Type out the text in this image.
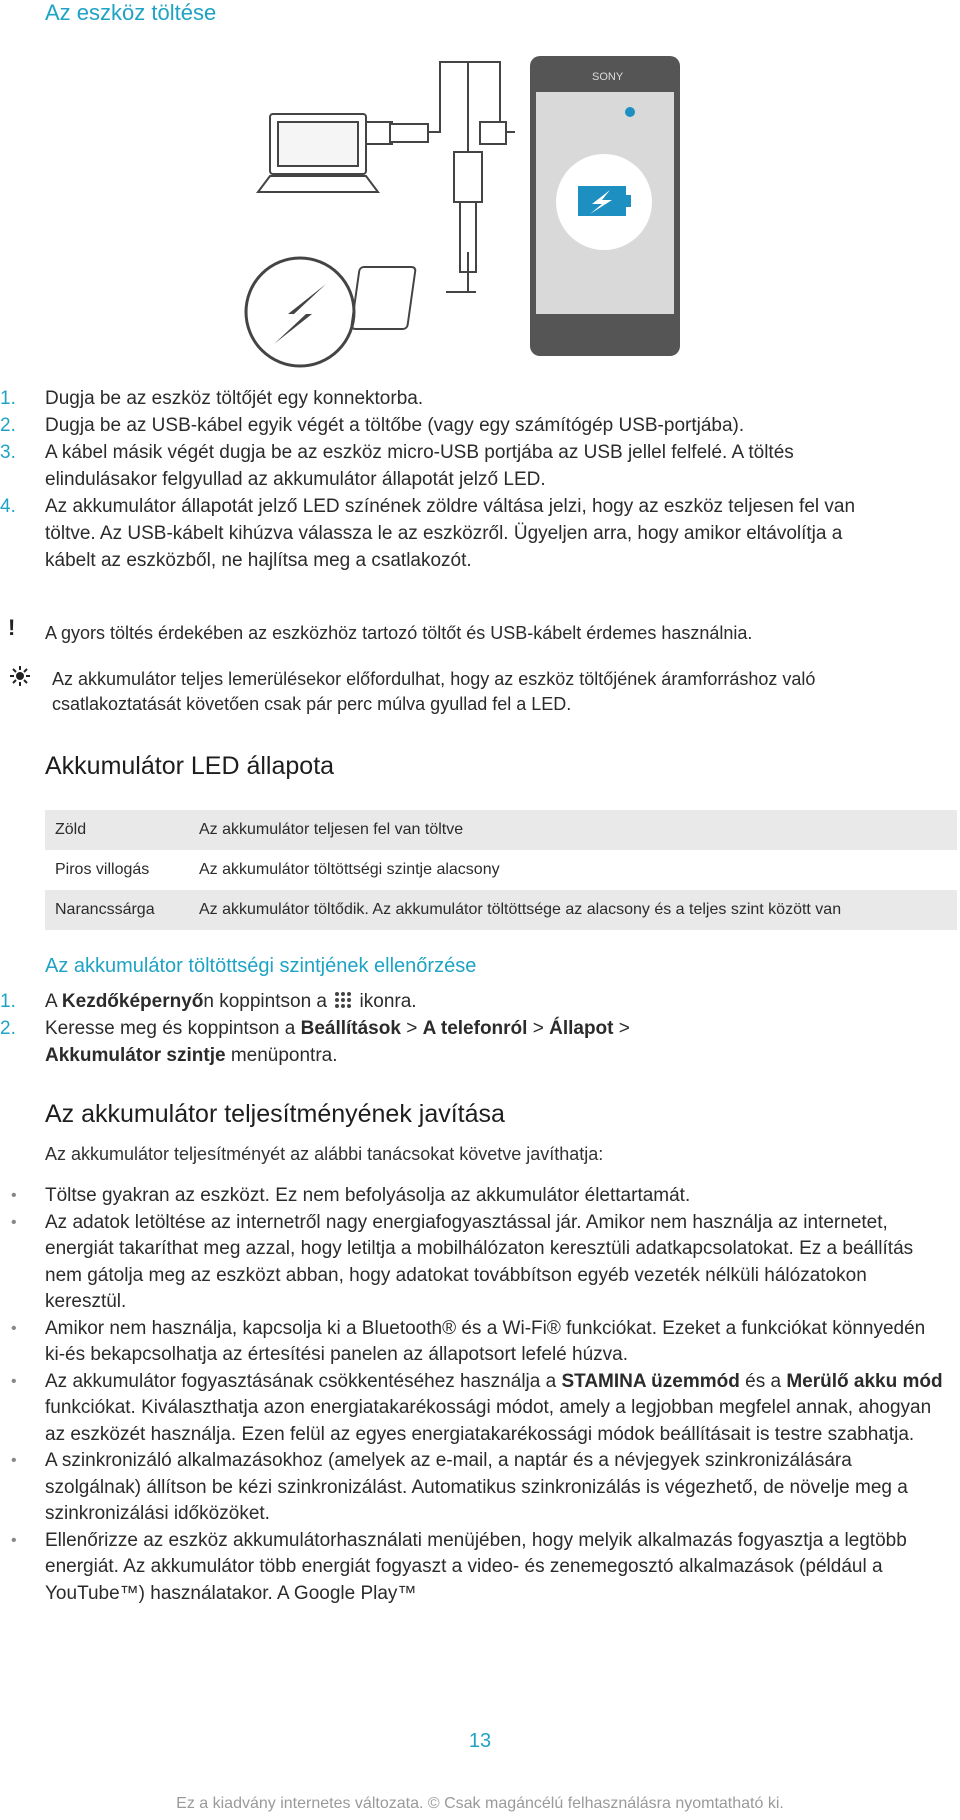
Az eszköz töltése
SONY
1. Dugja be az eszköz töltőjét egy konnektorba.
2. Dugja be az USB-kábel egyik végét a töltőbe (vagy egy számítógép USB-portjába).
3. A kábel másik végét dugja be az eszköz micro-USB portjába az USB jellel felfelé. A töltés elindulásakor felgyullad az akkumulátor állapotát jelző LED.
4. Az akkumulátor állapotát jelző LED színének zöldre váltása jelzi, hogy az eszköz teljesen fel van töltve. Az USB-kábelt kihúzva válassza le az eszközről. Ügyeljen arra, hogy amikor eltávolítja a kábelt az eszközből, ne hajlítsa meg a csatlakozót.
! A gyors töltés érdekében az eszközhöz tartozó töltőt és USB-kábelt érdemes használnia.
Az akkumulátor teljes lemerülésekor előfordulhat, hogy az eszköz töltőjének áramforráshoz való csatlakoztatását követően csak pár perc múlva gyullad fel a LED.
Akkumulátor LED állapota
Zöld	Az akkumulátor teljesen fel van töltve
Piros villogás	Az akkumulátor töltöttségi szintje alacsony
Narancssárga	Az akkumulátor töltődik. Az akkumulátor töltöttsége az alacsony és a teljes szint között van
Az akkumulátor töltöttségi szintjének ellenőrzése
1. A Kezdőképernyőn koppintson a  ikonra.
2. Keresse meg és koppintson a Beállítások > A telefonról > Állapot >
Akkumulátor szintje menüpontra.
Az akkumulátor teljesítményének javítása
Az akkumulátor teljesítményét az alábbi tanácsokat követve javíthatja:
• Töltse gyakran az eszközt. Ez nem befolyásolja az akkumulátor élettartamát.
• Az adatok letöltése az internetről nagy energiafogyasztással jár. Amikor nem használja az internetet, energiát takaríthat meg azzal, hogy letiltja a mobilhálózaton keresztüli adatkapcsolatokat. Ez a beállítás nem gátolja meg az eszközt abban, hogy adatokat továbbítson egyéb vezeték nélküli hálózatokon keresztül.
• Amikor nem használja, kapcsolja ki a Bluetooth® és a Wi-Fi® funkciókat. Ezeket a funkciókat könnyedén ki-és bekapcsolhatja az értesítési panelen az állapotsort lefelé húzva.
• Az akkumulátor fogyasztásának csökkentéséhez használja a STAMINA üzemmód és a Merülő akku mód funkciókat. Kiválaszthatja azon energiatakarékossági módot, amely a legjobban megfelel annak, ahogyan az eszközét használja. Ezen felül az egyes energiatakarékossági módok beállításait is testre szabhatja.
• A szinkronizáló alkalmazásokhoz (amelyek az e-mail, a naptár és a névjegyek szinkronizálására szolgálnak) állítson be kézi szinkronizálást. Automatikus szinkronizálás is végezhető, de növelje meg a szinkronizálási időközöket.
• Ellenőrizze az eszköz akkumulátorhasználati menüjében, hogy melyik alkalmazás fogyasztja a legtöbb energiát. Az akkumulátor több energiát fogyaszt a video- és zenemegosztó alkalmazások (például a YouTube™) használatakor. A Google Play™
13
Ez a kiadvány internetes változata. © Csak magáncélú felhasználásra nyomtatható ki.
